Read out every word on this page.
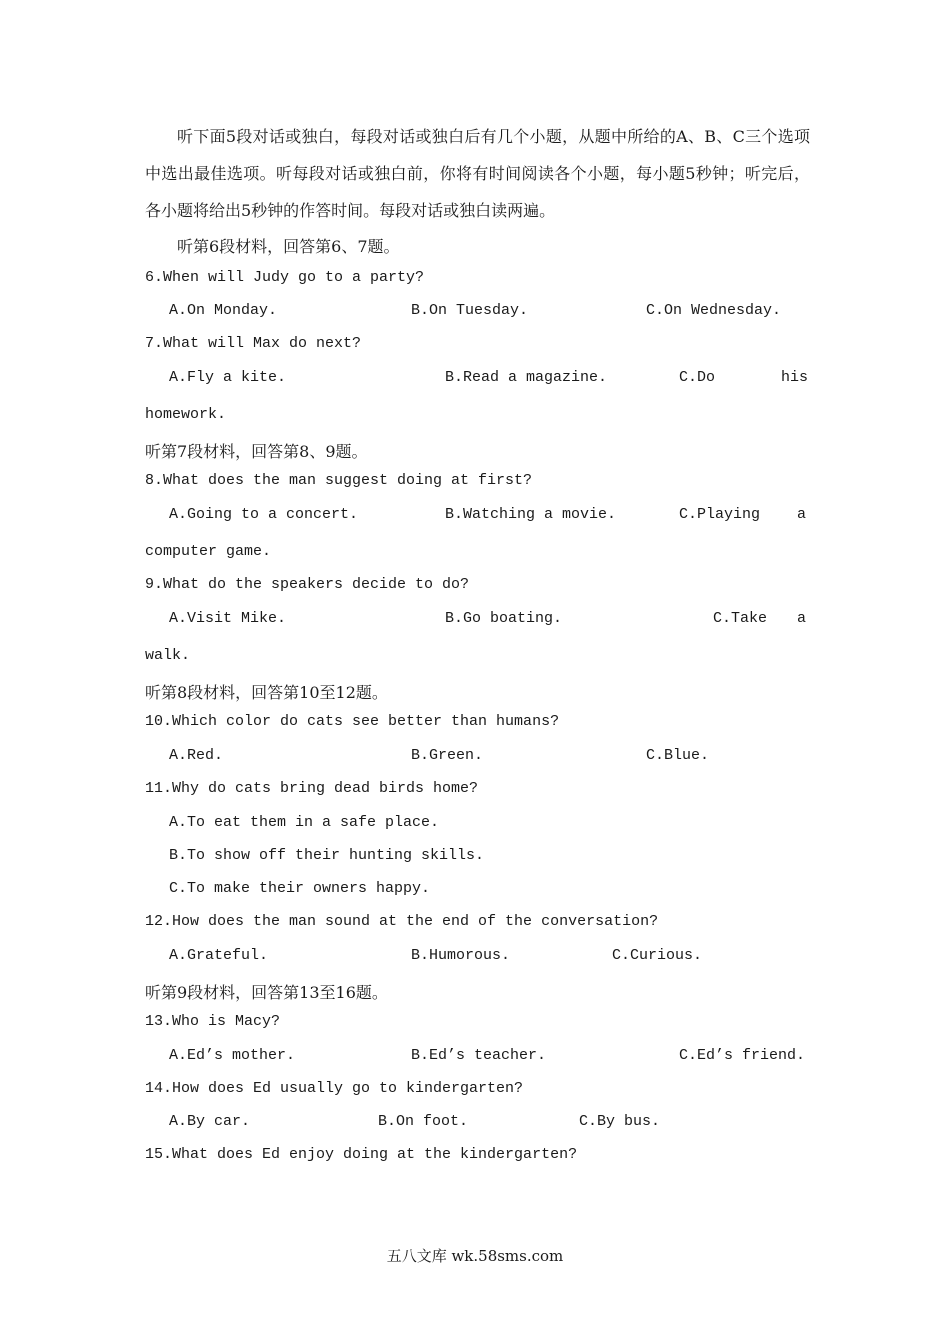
听下面5段对话或独白，每段对话或独白后有几个小题，从题中所给的A、B、C三个选项中选出最佳选项。听每段对话或独白前，你将有时间阅读各个小题，每小题5秒钟；听完后，各小题将给出5秒钟的作答时间。每段对话或独白读两遍。
听第6段材料，回答第6、7题。
6.When will Judy go to a party?
A.On Monday.	B.On Tuesday.	C.On Wednesday.
7.What will Max do next?
A.Fly a kite.	B.Read a magazine.	C.Do	his
homework.
听第7段材料，回答第8、9题。
8.What does the man suggest doing at first?
A.Going to a concert.	B.Watching a movie.	C.Playing a
computer game.
9.What do the speakers decide to do?
A.Visit Mike.	B.Go boating.	C.Take a
walk.
听第8段材料，回答第10至12题。
10.Which color do cats see better than humans?
A.Red.	B.Green.	C.Blue.
11.Why do cats bring dead birds home?
A.To eat them in a safe place.
B.To show off their hunting skills.
C.To make their owners happy.
12.How does the man sound at the end of the conversation?
A.Grateful.	B.Humorous.	C.Curious.
听第9段材料，回答第13至16题。
13.Who is Macy?
A.Ed’s mother.	B.Ed’s teacher.	C.Ed’s friend.
14.How does Ed usually go to kindergarten?
A.By car.	B.On foot.	C.By bus.
15.What does Ed enjoy doing at the kindergarten?
五八文库 wk.58sms.com
